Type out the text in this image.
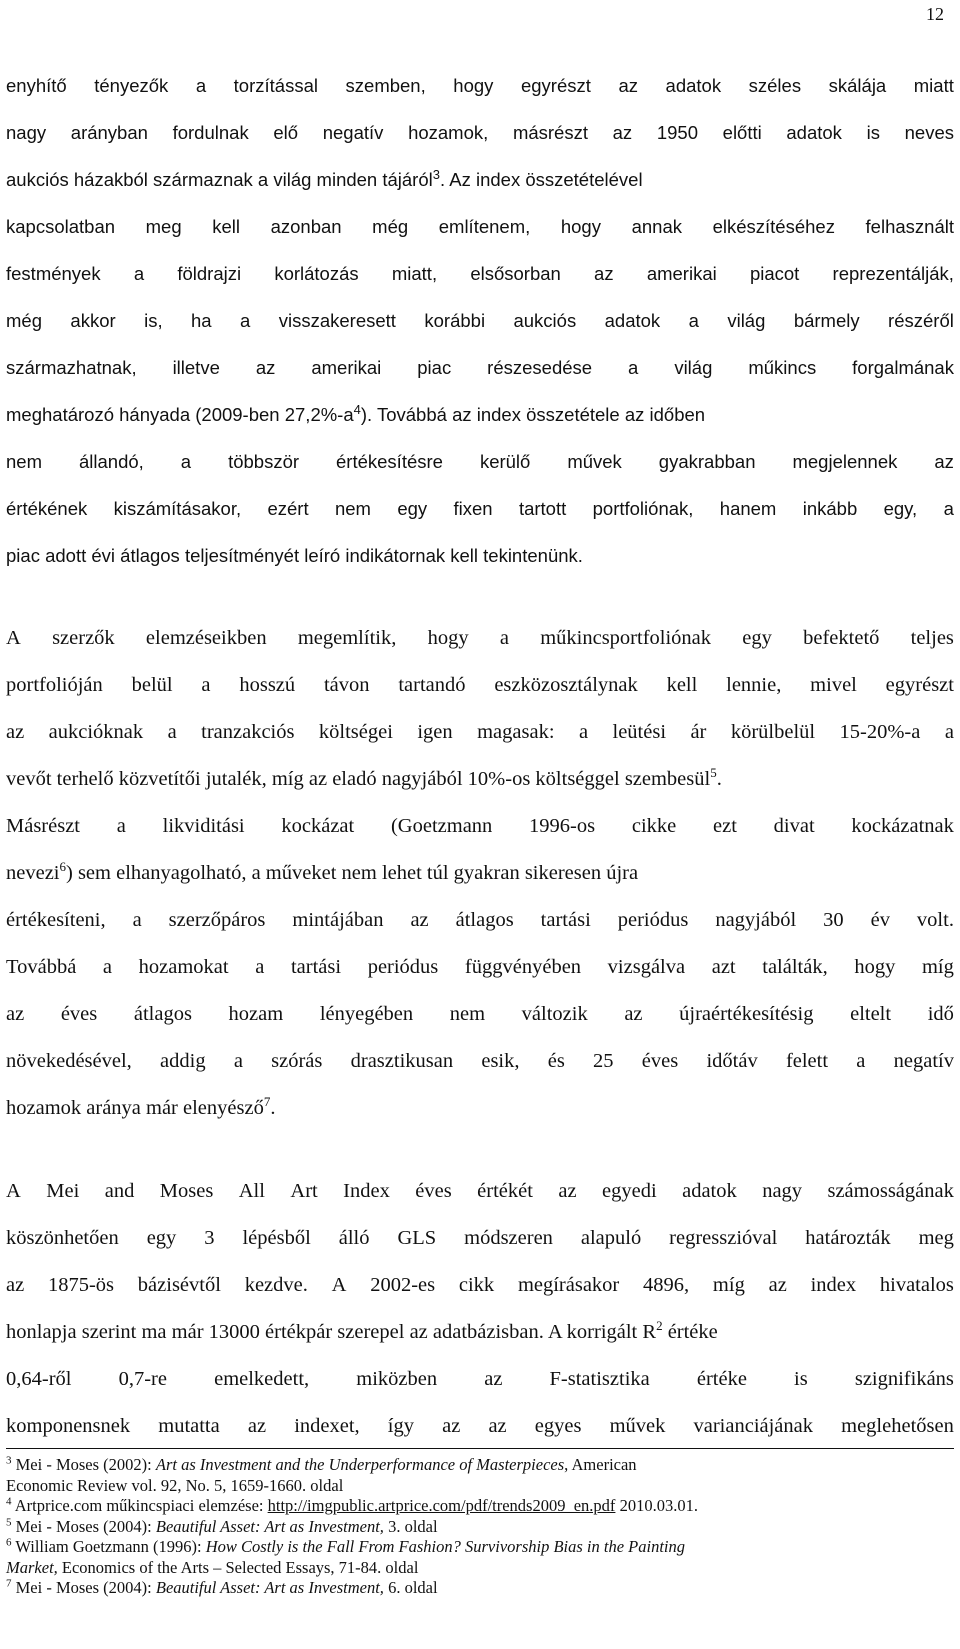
12
enyhítő tényezők a torzítással szemben, hogy egyrészt az adatok széles skálája miatt
nagy arányban fordulnak elő negatív hozamok, másrészt az 1950 előtti adatok is neves
aukciós házakból származnak a világ minden tájáról$^3$. Az index összetételével
kapcsolatban meg kell azonban még említenem, hogy annak elkészítéséhez felhasznált
festmények a földrajzi korlátozás miatt, elsősorban az amerikai piacot reprezentálják,
még akkor is, ha a visszakeresett korábbi aukciós adatok a világ bármely részéről
származhatnak, illetve az amerikai piac részesedése a világ műkincs forgalmának
meghatározó hányada (2009-ben $27,2\%-a^4$). Továbbá az index összetétele az időben
nem állandó, a többször értékesítésre kerülő művek gyakrabban megjelennek az
értékének kiszámításakor, ezért nem egy fixen tartott portfoliónak, hanem inkább egy, a
piac adott évi átlagos teljesítményét leíró indikátornak kell tekintenünk.
A szerzők elemzéseikben megemlítik, hogy a műkincsportfoliónak egy befektető teljes
portfolióján belül a hosszú távon tartandó eszközosztálynak kell lennie, mivel egyrészt
az aukcióknak a tranzakciós költségei igen magasak: a leütési ár körülbelül 15-20%-a a
vevőt terhelő közvetítői jutalék, míg az eladó nagyjából 10%-os költséggel szembesül$^5$.
Másrészt a likviditási kockázat (Goetzmann 1996-os cikke ezt divat kockázatnak
nevezi$^6$) sem elhanyagolható, a műveket nem lehet túl gyakran sikeresen újra
értékesíteni, a szerzőpáros mintájában az átlagos tartási periódus nagyjából 30 év volt.
Továbbá a hozamokat a tartási periódus függvényében vizsgálva azt találták, hogy míg
az éves átlagos hozam lényegében nem változik az újraértékesítésig eltelt idő
növekedésével, addig a szórás drasztikusan esik, és 25 éves időtáv felett a negatív
hozamok aránya már elenyésző$^7$.
A Mei and Moses All Art Index éves értékét az egyedi adatok nagy számosságának
köszönhetően egy 3 lépésből álló GLS módszeren alapuló regresszióval határozták meg
az 1875-ös bázisévtől kezdve. A 2002-es cikk megírásakor 4896, míg az index hivatalos
honlapja szerint ma már 13000 értékpár szerepel az adatbázisban. A korrigált $R^2$ értéke
0,64-ről 0,7-re emelkedett, miközben az F-statisztika értéke is szignifikáns
komponensnek mutatta az indexet, így az az egyes művek varianciájának meglehetősen
$^3$ Mei - Moses (2002): Art as Investment and the Underperformance of Masterpieces, American
Economic Review vol. 92, No. 5, 1659-1660. oldal
$^4$ Artprice.com műkincspiaci elemzése: http://imgpublic.artprice.com/pdf/trends2009_en.pdf 2010.03.01.
$^5$ Mei - Moses (2004): Beautiful Asset: Art as Investment, 3. oldal
$^6$ William Goetzmann (1996): How Costly is the Fall From Fashion? Survivorship Bias in the Painting
Market, Economics of the Arts – Selected Essays, 71-84. oldal
$^7$ Mei - Moses (2004): Beautiful Asset: Art as Investment, 6. oldal
